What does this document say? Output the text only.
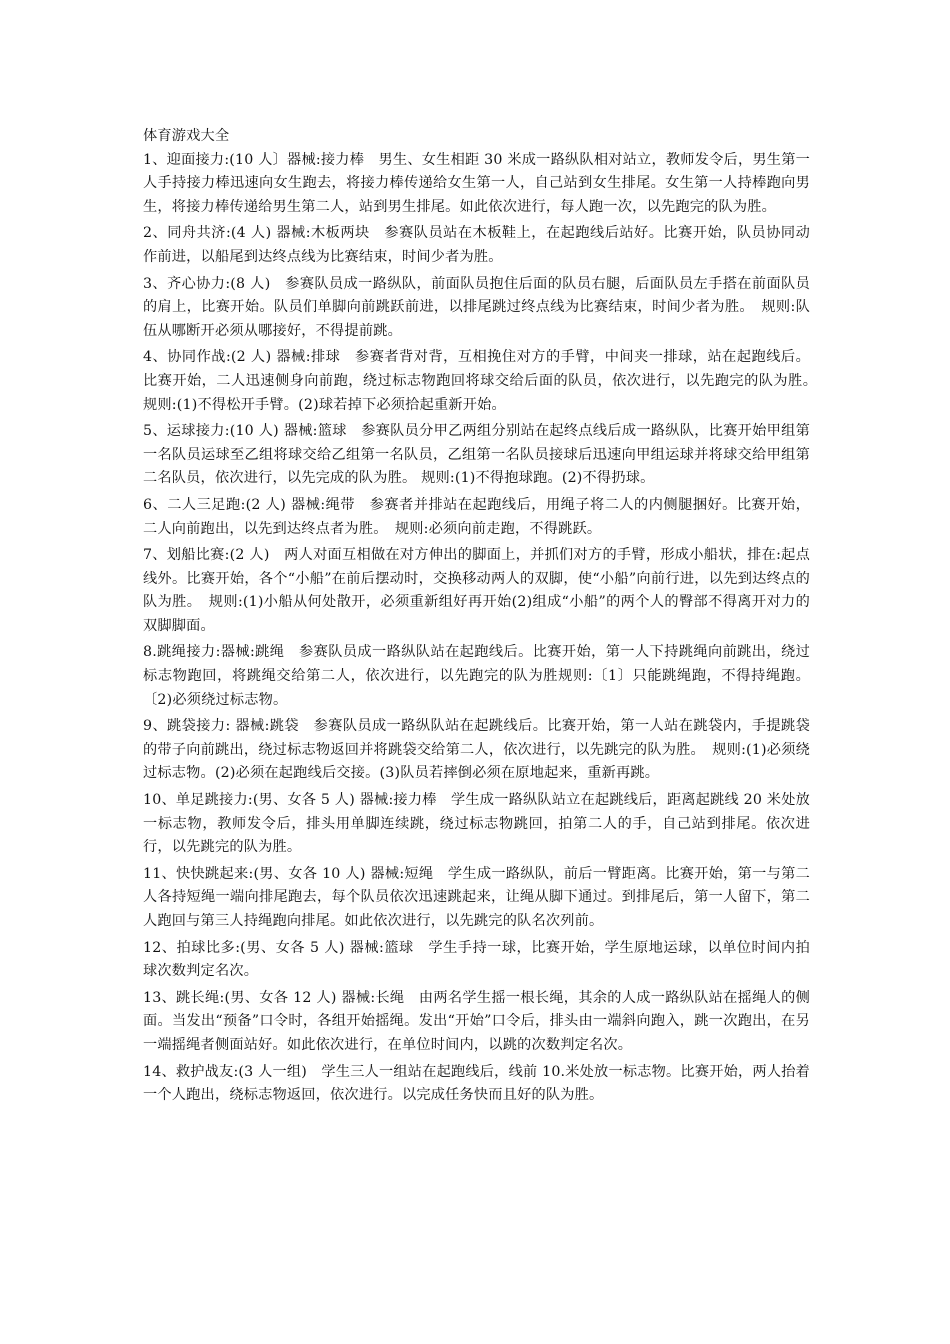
体育游戏大全
1、迎面接力:(10 人〕器械:接力棒　男生、女生相距 30 米成一路纵队相对站立，教师发令后，男生第一人手持接力棒迅速向女生跑去，将接力棒传递给女生第一人，自己站到女生排尾。女生第一人持棒跑向男生，将接力棒传递给男生第二人，站到男生排尾。如此依次进行，每人跑一次，以先跑完的队为胜。
2、同舟共济:(4 人) 器械:木板两块　参赛队员站在木板鞋上，在起跑线后站好。比赛开始，队员协同动作前进，以船尾到达终点线为比赛结束，时间少者为胜。
3、齐心协力:(8 人)　参赛队员成一路纵队，前面队员抱住后面的队员右腿，后面队员左手搭在前面队员的肩上，比赛开始。队员们单脚向前跳跃前进，以排尾跳过终点线为比赛结束，时间少者为胜。　规则:队伍从哪断开必须从哪接好，不得提前跳。
4、协同作战:(2 人) 器械:排球　参赛者背对背，互相挽住对方的手臂，中间夹一排球，站在起跑线后。比赛开始，二人迅速侧身向前跑，绕过标志物跑回将球交给后面的队员，依次进行，以先跑完的队为胜。　规则:(1)不得松开手臂。(2)球若掉下必须拾起重新开始。
5、运球接力:(10 人) 器械:篮球　参赛队员分甲乙两组分别站在起终点线后成一路纵队，比赛开始甲组第一名队员运球至乙组将球交给乙组第一名队员，乙组第一名队员接球后迅速向甲组运球并将球交给甲组第二名队员，依次进行，以先完成的队为胜。 规则:(1)不得抱球跑。(2)不得扔球。
6、二人三足跑:(2 人) 器械:绳带　参赛者并排站在起跑线后，用绳子将二人的内侧腿捆好。比赛开始，二人向前跑出，以先到达终点者为胜。　规则:必须向前走跑，不得跳跃。
7、划船比赛:(2 人)　两人对面互相做在对方伸出的脚面上，并抓们对方的手臂，形成小船状，排在:起点线外。比赛开始，各个“小船”在前后摆动时，交换移动两人的双脚，使“小船”向前行进，以先到达终点的队为胜。　规则:(1)小船从何处散开，必须重新组好再开始(2)组成“小船”的两个人的臀部不得离开对力的双脚脚面。
8.跳绳接力:器械:跳绳　参赛队员成一路纵队站在起跑线后。比赛开始，第一人下持跳绳向前跳出，绕过标志物跑回，将跳绳交给第二人，依次进行，以先跑完的队为胜规则:〔1〕只能跳绳跑，不得持绳跑。〔2)必须绕过标志物。
9、跳袋接力: 器械:跳袋　参赛队员成一路纵队站在起跳线后。比赛开始，第一人站在跳袋内，手提跳袋的带子向前跳出，绕过标志物返回并将跳袋交给第二人，依次进行，以先跳完的队为胜。　规则:(1)必须绕过标志物。(2)必须在起跑线后交接。(3)队员若摔倒必须在原地起来，重新再跳。
10、单足跳接力:(男、女各 5 人) 器械:接力棒　学生成一路纵队站立在起跳线后，距离起跳线 20 米处放一标志物，教师发令后，排头用单脚连续跳，绕过标志物跳回，拍第二人的手，自己站到排尾。依次进行，以先跳完的队为胜。
11、快快跳起来:(男、女各 10 人) 器械:短绳　学生成一路纵队，前后一臂距离。比赛开始，第一与第二人各持短绳一端向排尾跑去，每个队员依次迅速跳起来，让绳从脚下通过。到排尾后，第一人留下，第二人跑回与第三人持绳跑向排尾。如此依次进行，以先跳完的队名次列前。
12、拍球比多:(男、女各 5 人) 器械:篮球　学生手持一球，比赛开始，学生原地运球，以单位时间内拍球次数判定名次。
13、跳长绳:(男、女各 12 人) 器械:长绳　由两名学生摇一根长绳，其余的人成一路纵队站在摇绳人的侧面。当发出“预备”口令时，各组开始摇绳。发出“开始”口令后，排头由一端斜向跑入，跳一次跑出，在另一端摇绳者侧面站好。如此依次进行，在单位时间内，以跳的次数判定名次。
14、救护战友:(3 人一组)　学生三人一组站在起跑线后，线前 10.米处放一标志物。比赛开始，两人抬着一个人跑出，绕标志物返回，依次进行。以完成任务快而且好的队为胜。
